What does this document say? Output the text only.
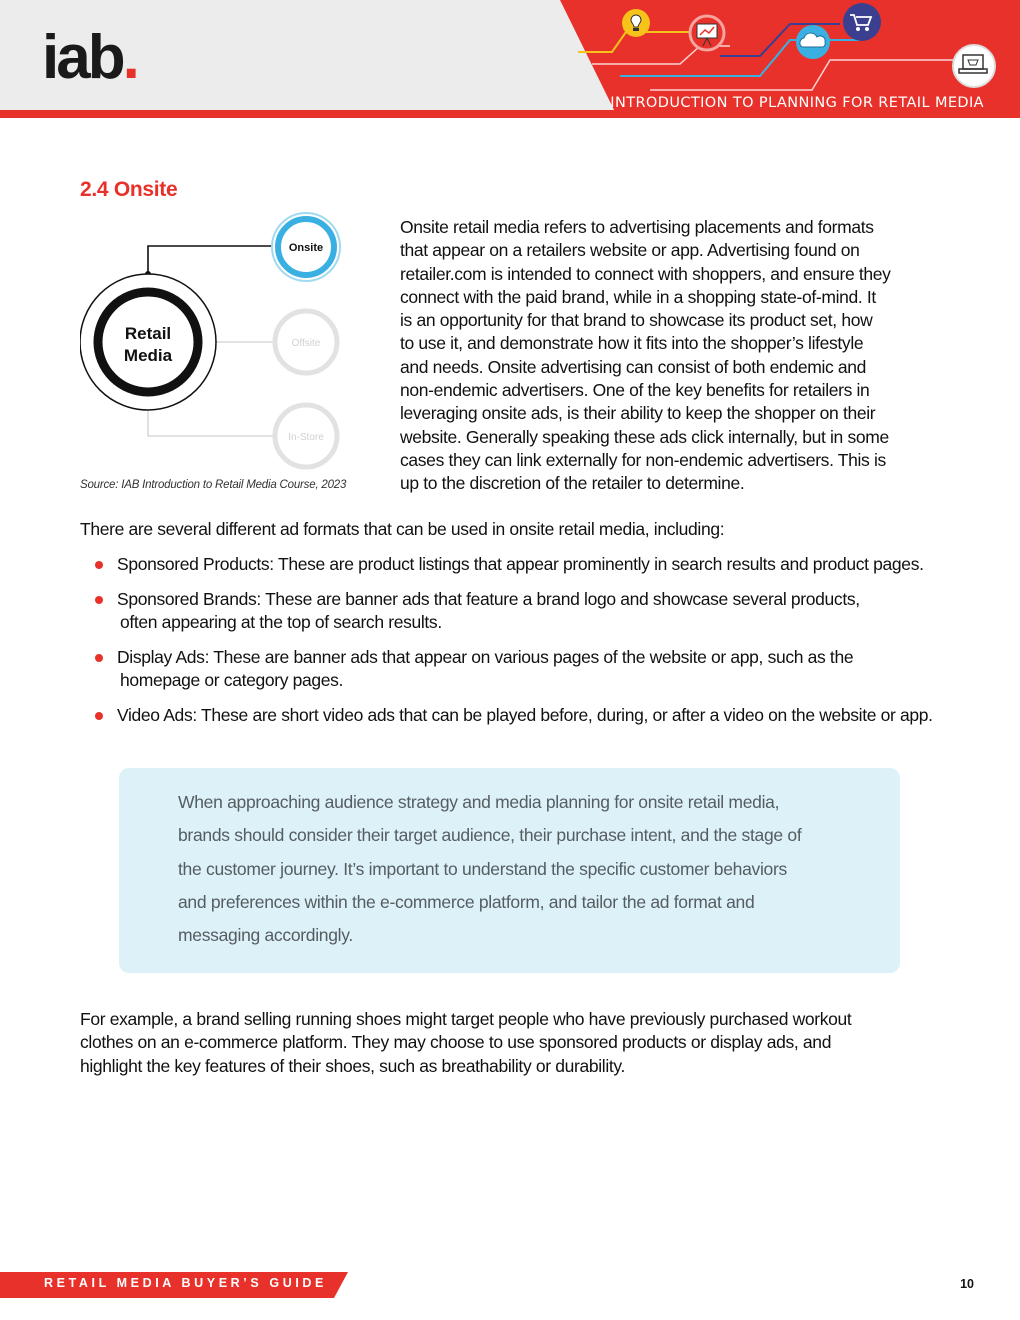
iab.
INTRODUCTION TO PLANNING FOR RETAIL MEDIA
2.4 Onsite
Retail
Media
Onsite
Offsite
In-Store
Source: IAB Introduction to Retail Media Course, 2023
Onsite retail media refers to advertising placements and formats
that appear on a retailers website or app. Advertising found on
retailer.com is intended to connect with shoppers, and ensure they
connect with the paid brand, while in a shopping state-of-mind. It
is an opportunity for that brand to showcase its product set, how
to use it, and demonstrate how it fits into the shopper’s lifestyle
and needs. Onsite advertising can consist of both endemic and
non-endemic advertisers. One of the key benefits for retailers in
leveraging onsite ads, is their ability to keep the shopper on their
website. Generally speaking these ads click internally, but in some
cases they can link externally for non-endemic advertisers. This is
up to the discretion of the retailer to determine.
There are several different ad formats that can be used in onsite retail media, including:
Sponsored Products: These are product listings that appear prominently in search results and product pages.
Sponsored Brands: These are banner ads that feature a brand logo and showcase several products,
often appearing at the top of search results.
Display Ads: These are banner ads that appear on various pages of the website or app, such as the
homepage or category pages.
Video Ads: These are short video ads that can be played before, during, or after a video on the website or app.
When approaching audience strategy and media planning for onsite retail media,
brands should consider their target audience, their purchase intent, and the stage of
the customer journey. It’s important to understand the specific customer behaviors
and preferences within the e-commerce platform, and tailor the ad format and
messaging accordingly.
For example, a brand selling running shoes might target people who have previously purchased workout
clothes on an e-commerce platform. They may choose to use sponsored products or display ads, and
highlight the key features of their shoes, such as breathability or durability.
RETAIL MEDIA BUYER’S GUIDE	10
